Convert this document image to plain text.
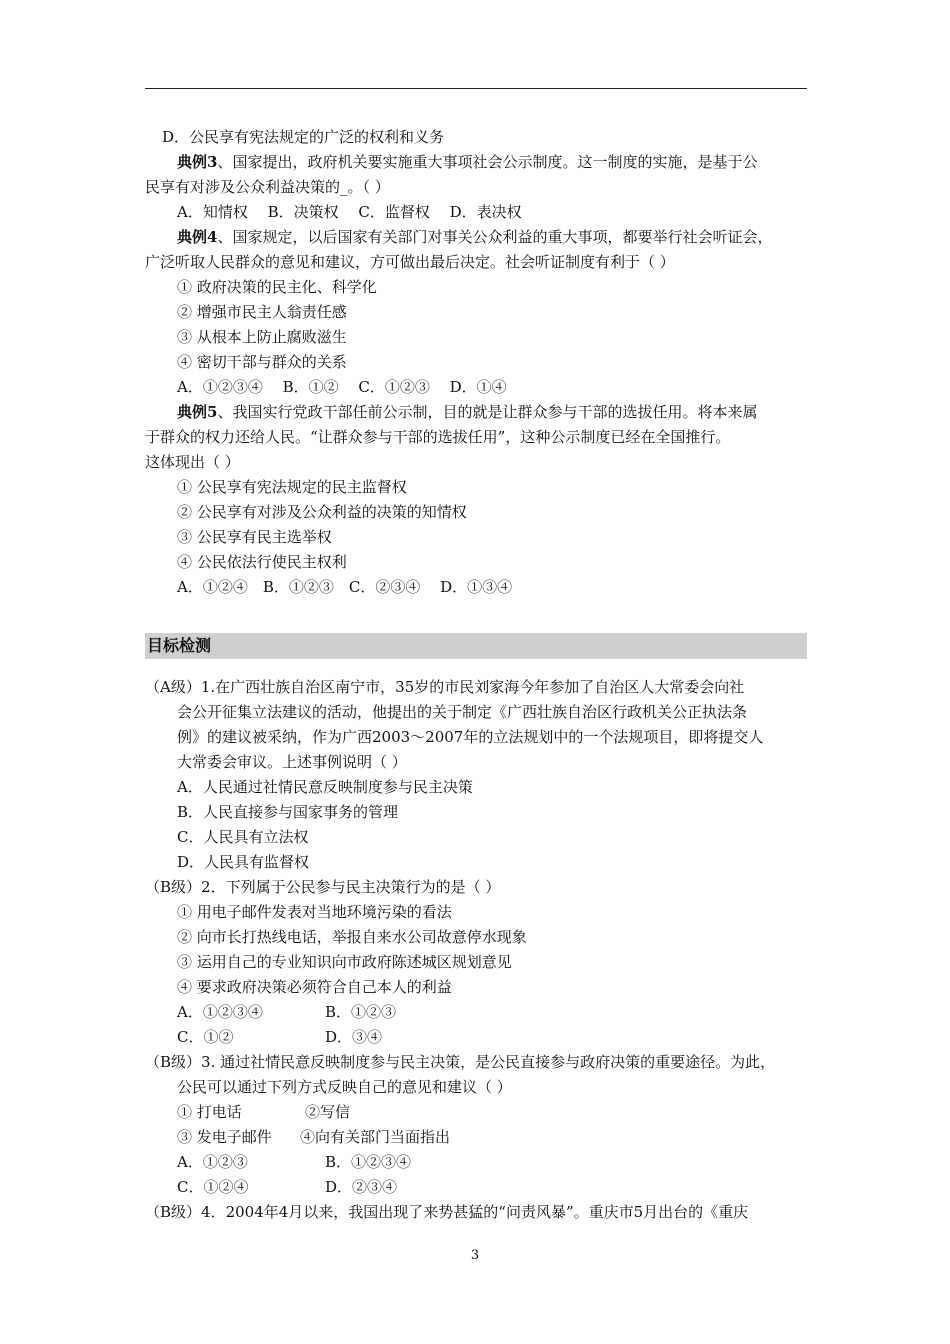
D．公民享有宪法规定的广泛的权利和义务
典例3、国家提出，政府机关要实施重大事项社会公示制度。这一制度的实施，是基于公
民享有对涉及公众利益决策的_。（ ）
A．知情权　 B．决策权　 C．监督权　 D．表决权
典例4、国家规定，以后国家有关部门对事关公众利益的重大事项，都要举行社会听证会，
广泛听取人民群众的意见和建议，方可做出最后决定。社会听证制度有利于（ ）
① 政府决策的民主化、科学化
② 增强市民主人翁责任感
③ 从根本上防止腐败滋生
④ 密切干部与群众的关系
A．①②③④　 B．①②　 C．①②③　 D．①④
典例5、我国实行党政干部任前公示制，目的就是让群众参与干部的选拔任用。将本来属
于群众的权力还给人民。“让群众参与干部的选拔任用”，这种公示制度已经在全国推行。
这体现出（ ）
① 公民享有宪法规定的民主监督权
② 公民享有对涉及公众利益的决策的知情权
③ 公民享有民主选举权
④ 公民依法行使民主权利
A．①②④　B．①②③　C．②③④　 D．①③④
目标检测
（A级）1.在广西壮族自治区南宁市，35岁的市民刘家海今年参加了自治区人大常委会向社
会公开征集立法建议的活动，他提出的关于制定《广西壮族自治区行政机关公正执法条
例》的建议被采纳，作为广西2003～2007年的立法规划中的一个法规项目，即将提交人
大常委会审议。上述事例说明（ ）
A．人民通过社情民意反映制度参与民主决策
B．人民直接参与国家事务的管理
C．人民具有立法权
D．人民具有监督权
（B级）2．下列属于公民参与民主决策行为的是（ ）
① 用电子邮件发表对当地环境污染的看法
② 向市长打热线电话，举报自来水公司故意停水现象
③ 运用自己的专业知识向市政府陈述城区规划意见
④ 要求政府决策必须符合自己本人的利益
A．①②③④	B．①②③
C．①②	D．③④
（B级）3. 通过社情民意反映制度参与民主决策，是公民直接参与政府决策的重要途径。为此，
公民可以通过下列方式反映自己的意见和建议（ ）
① 打电话	②写信
③ 发电子邮件 ④向有关部门当面指出
A．①②③	B．①②③④
C．①②④	D．②③④
（B级）4．2004年4月以来，我国出现了来势甚猛的“问责风暴”。重庆市5月出台的《重庆
3
